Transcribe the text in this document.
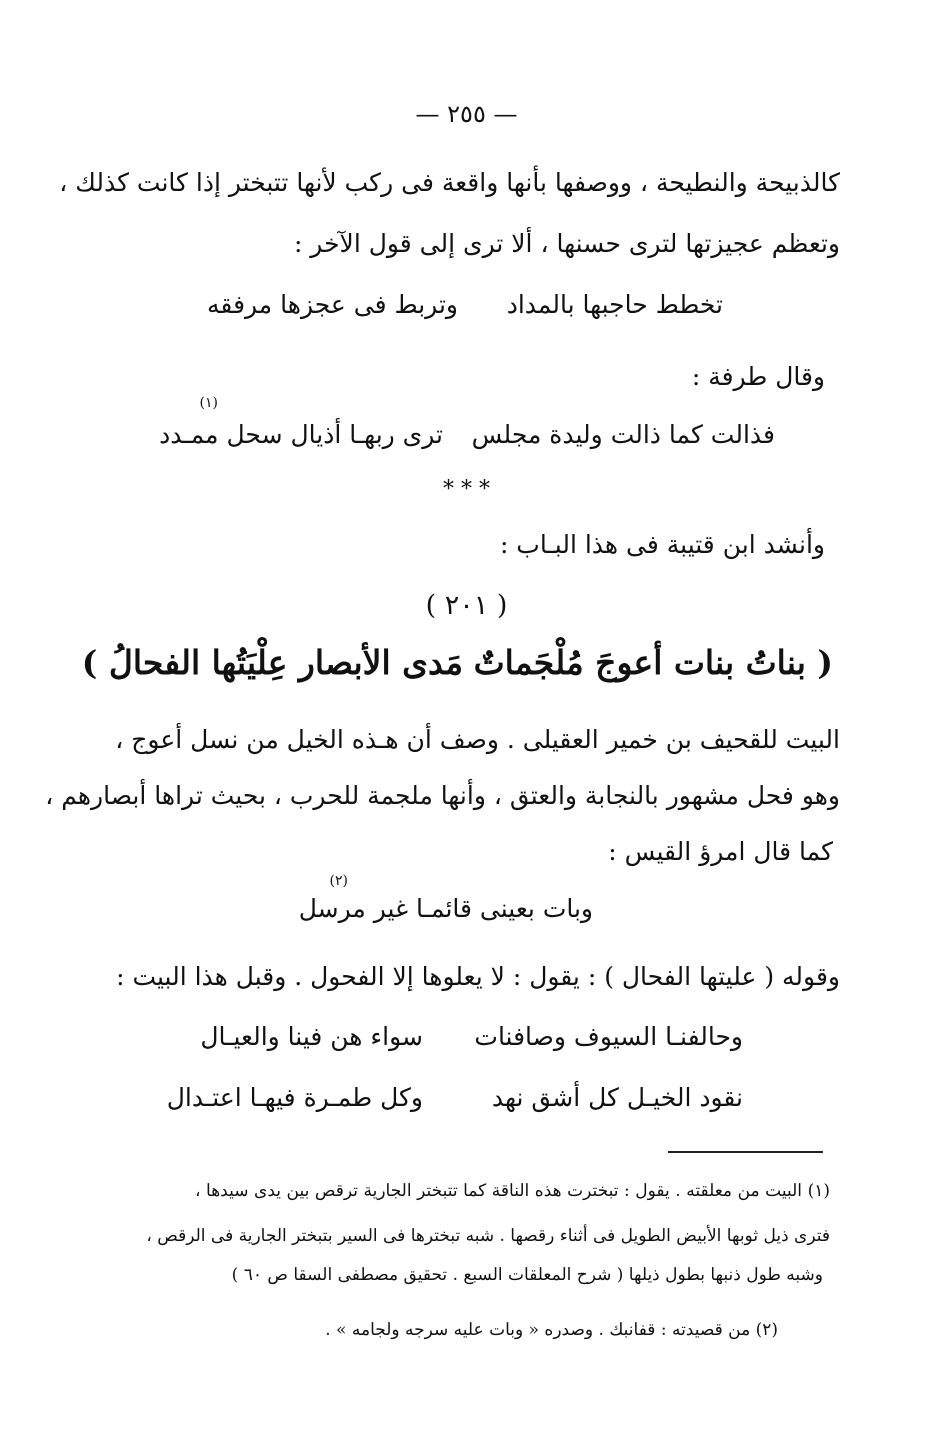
— ٢٥٥ —
كالذبيحة والنطيحة ، ووصفها بأنها واقعة فى ركب لأنها تتبختر إذا كانت كذلك ،
وتعظم عجيزتها لترى حسنها ، ألا ترى إلى قول الآخر :
تخطط حاجبها بالمداد
وتربط فى عجزها مرفقه
وقال طرفة :
فذالت كما ذالت وليدة مجلس
ترى ربهـا أذيال سحل ممـدد
(١)
* * *
وأنشد ابن قتيبة فى هذا البـاب :
( ٢٠١ )
( بناتُ بنات أعوجَ مُلْجَماتٌ
مَدى الأبصار عِلْيَتُها الفحالُ )
البيت للقحيف بن خمير العقيلى . وصف أن هـذه الخيل من نسل أعوج ،
وهو فحل مشهور بالنجابة والعتق ، وأنها ملجمة للحرب ، بحيث تراها أبصارهم ،
كما قال امرؤ القيس :
وبات بعينى قائمـا غير مرسل
(٢)
وقوله ( عليتها الفحال ) : يقول : لا يعلوها إلا الفحول . وقبل هذا البيت :
وحالفنـا السيوف وصافنات
سواء هن فينا والعيـال
نقود الخيـل كل أشق نهد
وكل طمـرة فيهـا اعتـدال
(١) البيت من معلقته . يقول : تبخترت هذه الناقة كما تتبختر الجارية ترقص بين يدى سيدها ،
فترى ذيل ثوبها الأبيض الطويل فى أثناء رقصها . شبه تبخترها فى السير بتبختر الجارية فى الرقص ،
وشبه طول ذنبها بطول ذيلها ( شرح المعلقات السبع . تحقيق مصطفى السقا ص ٦٠ )
(٢) من قصيدته : قفانبك . وصدره « وبات عليه سرجه ولجامه » .
